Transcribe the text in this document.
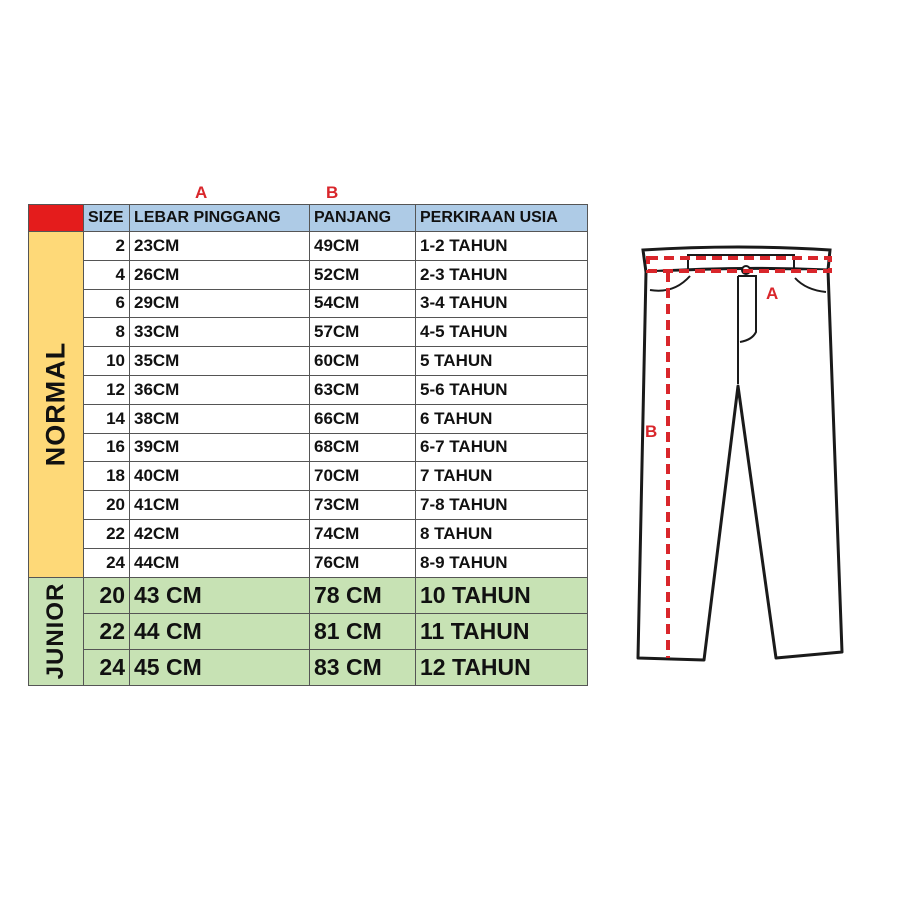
A	B
	SIZE	LEBAR PINGGANG	PANJANG	PERKIRAAN USIA

NORMAL	2	23CM	49CM	1-2 TAHUN
	4	26CM	52CM	2-3 TAHUN
	6	29CM	54CM	3-4 TAHUN
	8	33CM	57CM	4-5 TAHUN
	10	35CM	60CM	5 TAHUN
	12	36CM	63CM	5-6 TAHUN
	14	38CM	66CM	6 TAHUN
	16	39CM	68CM	6-7 TAHUN
	18	40CM	70CM	7 TAHUN
	20	41CM	73CM	7-8 TAHUN
	22	42CM	74CM	8 TAHUN
	24	44CM	76CM	8-9 TAHUN

JUNIOR	20	43 CM	78 CM	10 TAHUN
	22	44 CM	81 CM	11 TAHUN
	24	45 CM	83 CM	12 TAHUN
A
B
